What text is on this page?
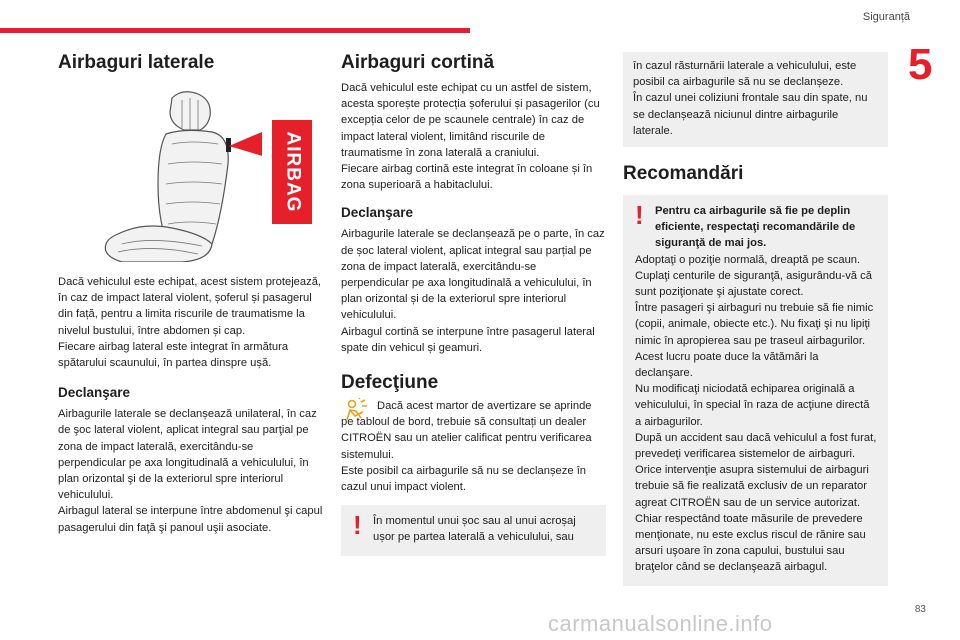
Siguranță
5
Airbaguri laterale
AIRBAG

Dacă vehiculul este echipat, acest sistem protejează, în caz de impact lateral violent, șoferul și pasagerul din față, pentru a limita riscurile de traumatisme la nivelul bustului, între abdomen și cap.
Fiecare airbag lateral este integrat în armătura spătarului scaunului, în partea dinspre ușă.

Declanşare

Airbagurile laterale se declanșează unilateral, în caz de şoc lateral violent, aplicat integral sau parţial pe zona de impact laterală, exercitându-se perpendicular pe axa longitudinală a vehiculului, în plan orizontal şi de la exteriorul spre interiorul vehiculului.
Airbagul lateral se interpune între abdomenul şi capul pasagerului din faţă şi panoul uşii asociate.

Airbaguri cortină

Dacă vehiculul este echipat cu un astfel de sistem, acesta sporește protecția șoferului și pasagerilor (cu excepția celor de pe scaunele centrale) în caz de impact lateral violent, limitând riscurile de traumatisme în zona laterală a craniului.
Fiecare airbag cortină este integrat în coloane și în zona superioară a habitaclului.

Declanşare

Airbagurile laterale se declanșează pe o parte, în caz de șoc lateral violent, aplicat integral sau parțial pe zona de impact laterală, exercitându-se perpendicular pe axa longitudinală a vehiculului, în plan orizontal și de la exteriorul spre interiorul vehiculului.
Airbagul cortină se interpune între pasagerul lateral spate din vehicul și geamuri.

Defecţiune

Dacă acest martor de avertizare se aprinde pe tabloul de bord, trebuie să consultați un dealer CITROËN sau un atelier calificat pentru verificarea sistemului.
Este posibil ca airbagurile să nu se declanșeze în cazul unui impact violent.

! În momentul unui șoc sau al unui acroșaj ușor pe partea laterală a vehiculului, sau

în cazul răsturnării laterale a vehiculului, este posibil ca airbagurile să nu se declanșeze.
În cazul unei coliziuni frontale sau din spate, nu se declanșează niciunul dintre airbagurile laterale.

Recomandări
! Pentru ca airbagurile să fie pe deplin eficiente, respectaţi recomandările de siguranţă de mai jos.

Adoptaţi o poziţie normală, dreaptă pe scaun.
Cuplaţi centurile de siguranţă, asigurându-vă că sunt poziţionate şi ajustate corect.
Între pasageri şi airbaguri nu trebuie să fie nimic (copii, animale, obiecte etc.). Nu fixaţi şi nu lipiţi nimic în apropierea sau pe traseul airbagurilor. Acest lucru poate duce la vătămări la declanşare.
Nu modificaţi niciodată echiparea originală a vehiculului, în special în raza de acţiune directă a airbagurilor.
După un accident sau dacă vehiculul a fost furat, prevedeţi verificarea sistemelor de airbaguri.
Orice intervenţie asupra sistemului de airbaguri trebuie să fie realizată exclusiv de un reparator agreat CITROËN sau de un service autorizat.
Chiar respectând toate măsurile de prevedere menţionate, nu este exclus riscul de rănire sau arsuri uşoare în zona capului, bustului sau braţelor când se declanşează airbagul.

83
carmanualsonline.info
